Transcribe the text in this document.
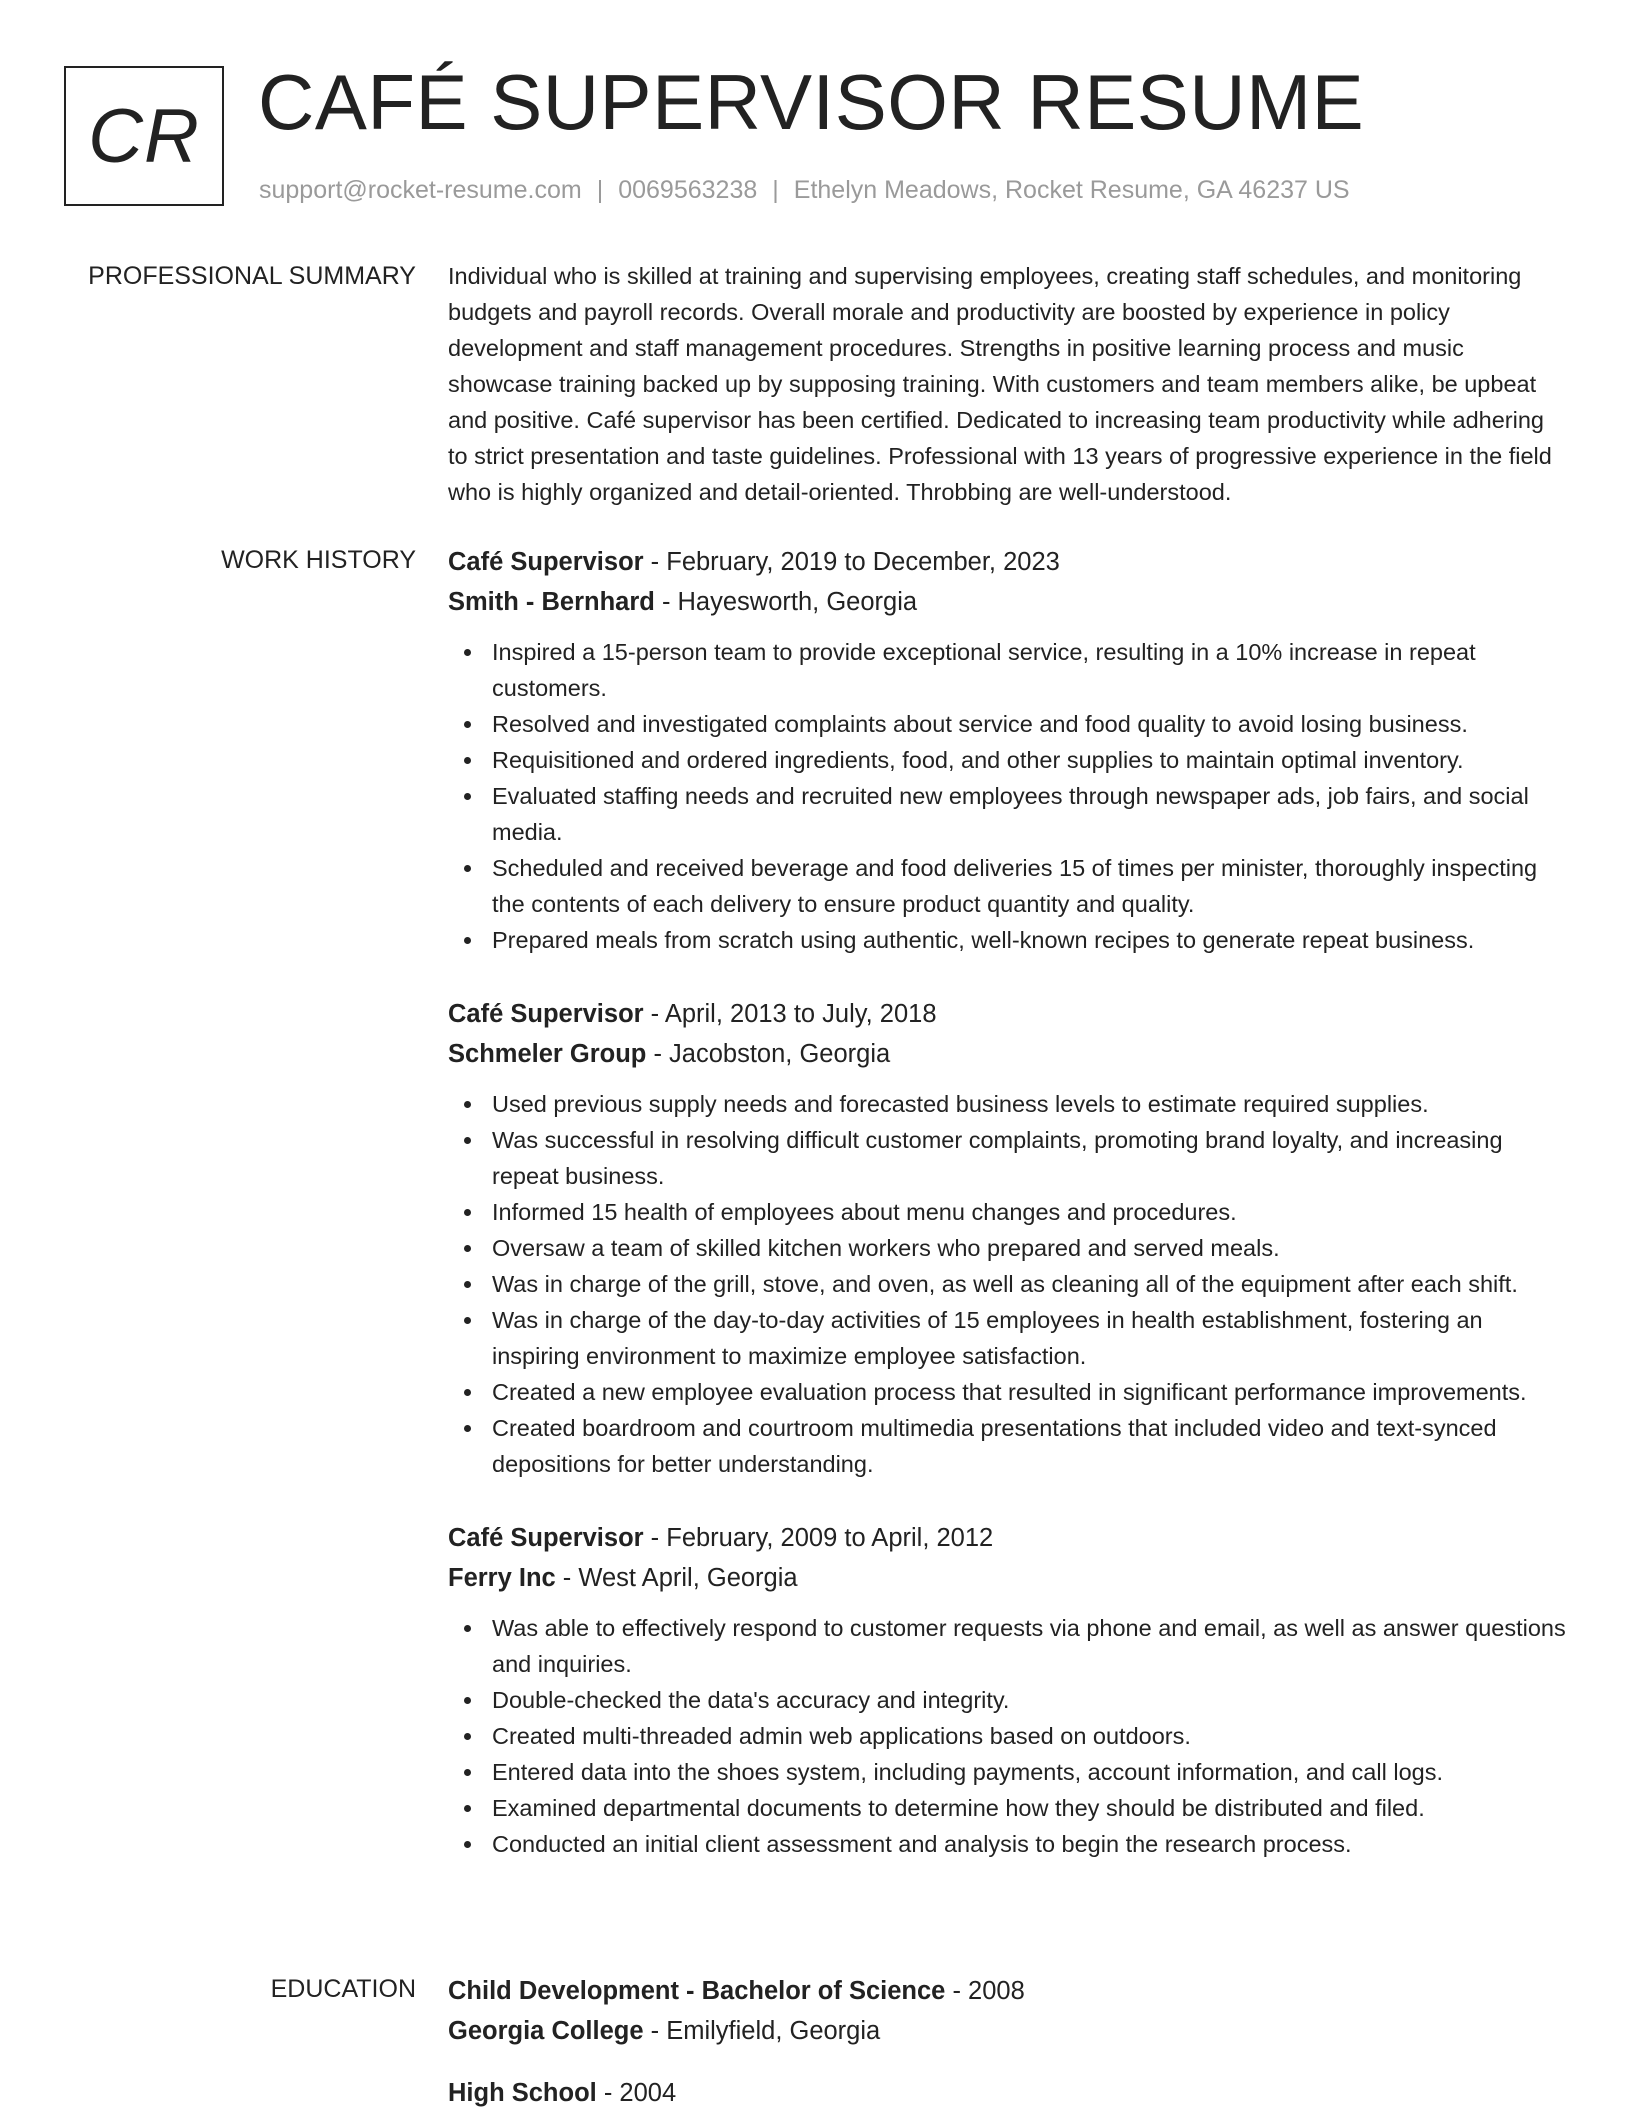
CR CAFÉ SUPERVISOR RESUME
support@rocket-resume.com | 0069563238 | Ethelyn Meadows, Rocket Resume, GA 46237 US
PROFESSIONAL SUMMARY Individual who is skilled at training and supervising employees, creating staff schedules, and monitoring budgets and payroll records. Overall morale and productivity are boosted by experience in policy development and staff management procedures. Strengths in positive learning process and music showcase training backed up by supposing training. With customers and team members alike, be upbeat and positive. Café supervisor has been certified. Dedicated to increasing team productivity while adhering to strict presentation and taste guidelines. Professional with 13 years of progressive experience in the field who is highly organized and detail-oriented. Throbbing are well-understood.

WORK HISTORY Café Supervisor - February, 2019 to December, 2023
Smith - Bernhard - Hayesworth, Georgia
Inspired a 15-person team to provide exceptional service, resulting in a 10% increase in repeat customers.
Resolved and investigated complaints about service and food quality to avoid losing business.
Requisitioned and ordered ingredients, food, and other supplies to maintain optimal inventory.
Evaluated staffing needs and recruited new employees through newspaper ads, job fairs, and social media.
Scheduled and received beverage and food deliveries 15 of times per minister, thoroughly inspecting the contents of each delivery to ensure product quantity and quality.
Prepared meals from scratch using authentic, well-known recipes to generate repeat business.
Café Supervisor - April, 2013 to July, 2018
Schmeler Group - Jacobston, Georgia
Used previous supply needs and forecasted business levels to estimate required supplies.
Was successful in resolving difficult customer complaints, promoting brand loyalty, and increasing repeat business.
Informed 15 health of employees about menu changes and procedures.
Oversaw a team of skilled kitchen workers who prepared and served meals.
Was in charge of the grill, stove, and oven, as well as cleaning all of the equipment after each shift.
Was in charge of the day-to-day activities of 15 employees in health establishment, fostering an inspiring environment to maximize employee satisfaction.
Created a new employee evaluation process that resulted in significant performance improvements.
Created boardroom and courtroom multimedia presentations that included video and text-synced depositions for better understanding.
Café Supervisor - February, 2009 to April, 2012
Ferry Inc - West April, Georgia
Was able to effectively respond to customer requests via phone and email, as well as answer questions and inquiries.
Double-checked the data's accuracy and integrity.
Created multi-threaded admin web applications based on outdoors.
Entered data into the shoes system, including payments, account information, and call logs.
Examined departmental documents to determine how they should be distributed and filed.
Conducted an initial client assessment and analysis to begin the research process.
EDUCATION Child Development - Bachelor of Science - 2008
Georgia College - Emilyfield, Georgia
High School - 2004
